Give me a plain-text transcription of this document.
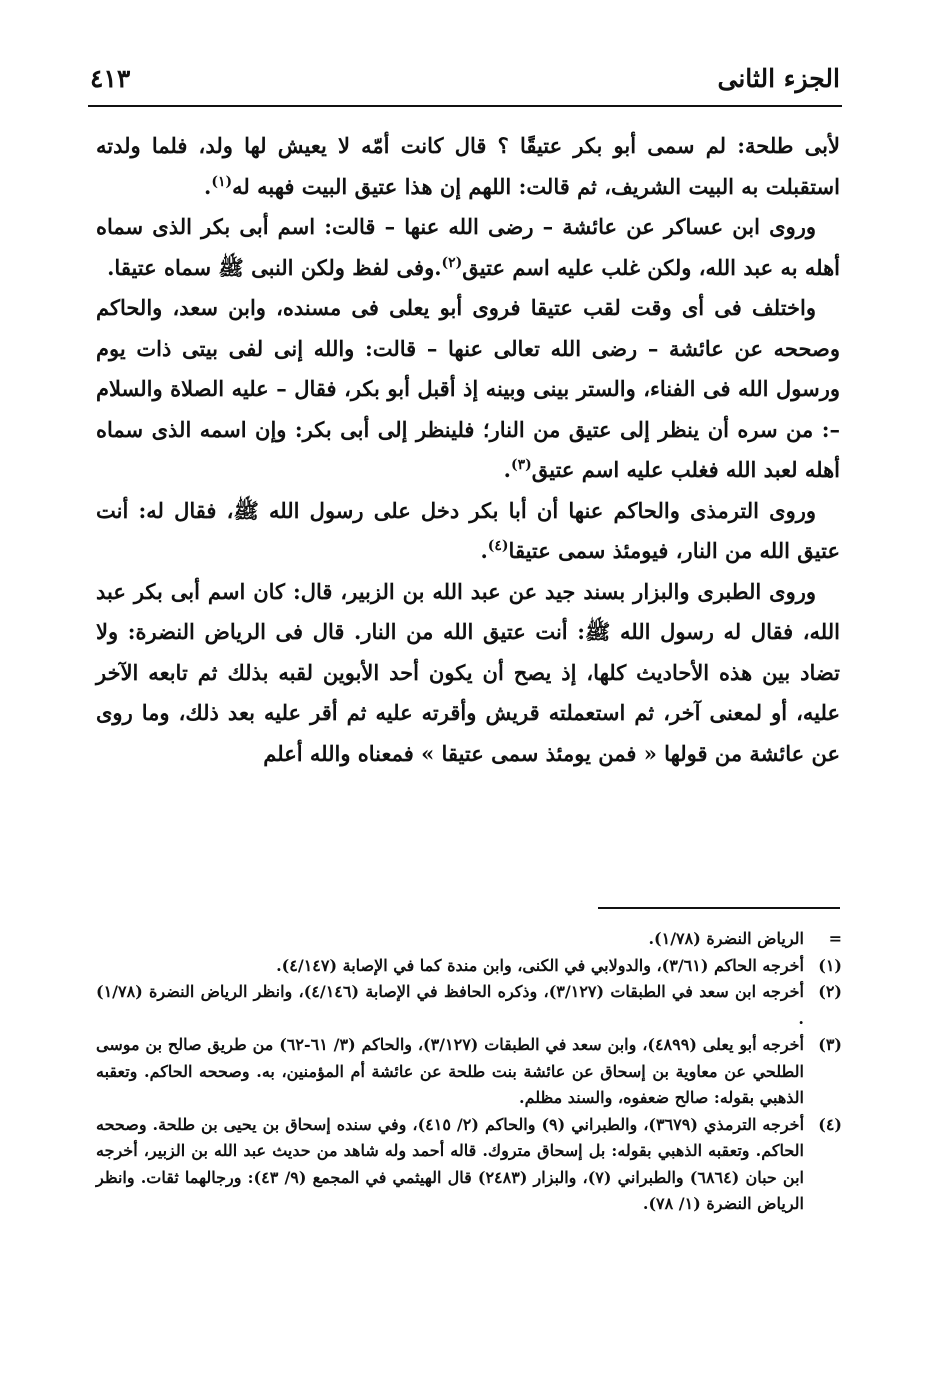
الجزء الثانى
٤١٣

لأبى طلحة: لم سمى أبو بكر عتيقًا ؟ قال كانت أمّه لا يعيش لها ولد، فلما ولدته استقبلت به البيت الشريف، ثم قالت: اللهم إن هذا عتيق البيت فهبه له$^{(١)}$.

وروى ابن عساكر عن عائشة – رضى الله عنها – قالت: اسم أبى بكر الذى سماه أهله به عبد الله، ولكن غلب عليه اسم عتيق$^{(٢)}$.وفى لفظ ولكن النبى ﷺ سماه عتيقا.

واختلف فى أى وقت لقب عتيقا فروى أبو يعلى فى مسنده، وابن سعد، والحاكم وصححه عن عائشة – رضى الله تعالى عنها – قالت: والله إنى لفى بيتى ذات يوم ورسول الله فى الفناء، والستر بينى وبينه إذ أقبل أبو بكر، فقال – عليه الصلاة والسلام –: من سره أن ينظر إلى عتيق من النار؛ فلينظر إلى أبى بكر: وإن اسمه الذى سماه أهله لعبد الله فغلب عليه اسم عتيق$^{(٣)}$.

وروى الترمذى والحاكم عنها أن أبا بكر دخل على رسول الله ﷺ، فقال له: أنت عتيق الله من النار، فيومئذ سمى عتيقا$^{(٤)}$.

وروى الطبرى والبزار بسند جيد عن عبد الله بن الزبير، قال: كان اسم أبى بكر عبد الله، فقال له رسول الله ﷺ: أنت عتيق الله من النار. قال فى الرياض النضرة: ولا تضاد بين هذه الأحاديث كلها، إذ يصح أن يكون أحد الأبوين لقبه بذلك ثم تابعه الآخر عليه، أو لمعنى آخر، ثم استعملته قريش وأقرته عليه ثم أقر عليه بعد ذلك، وما روى عن عائشة من قولها « فمن يومئذ سمى عتيقا » فمعناه والله أعلم

=
الرياض النضرة (١/٧٨).
(١)
أخرجه الحاكم (٣/٦١)، والدولابي في الكنى، وابن مندة كما في الإصابة (٤/١٤٧).
(٢)
أخرجه ابن سعد في الطبقات (٣/١٢٧)، وذكره الحافظ في الإصابة (٤/١٤٦)، وانظر الرياض النضرة (١/٧٨) .
(٣)
أخرجه أبو يعلى (٤٨٩٩)، وابن سعد في الطبقات (٣/١٢٧)، والحاكم (٣/ ٦١-٦٢) من طريق صالح بن موسى الطلحي عن معاوية بن إسحاق عن عائشة بنت طلحة عن عائشة أم المؤمنين، به. وصححه الحاكم. وتعقبه الذهبي بقوله: صالح ضعفوه، والسند مظلم.
(٤)
أخرجه الترمذي (٣٦٧٩)، والطبراني (٩) والحاكم (٢/ ٤١٥)، وفي سنده إسحاق بن يحيى بن طلحة. وصححه الحاكم. وتعقبه الذهبي بقوله: بل إسحاق متروك. قاله أحمد وله شاهد من حديث عبد الله بن الزبير، أخرجه ابن حبان (٦٨٦٤) والطبراني (٧)، والبزار (٢٤٨٣) قال الهيثمي في المجمع (٩/ ٤٣): ورجالهما ثقات. وانظر الرياض النضرة (١/ ٧٨).
